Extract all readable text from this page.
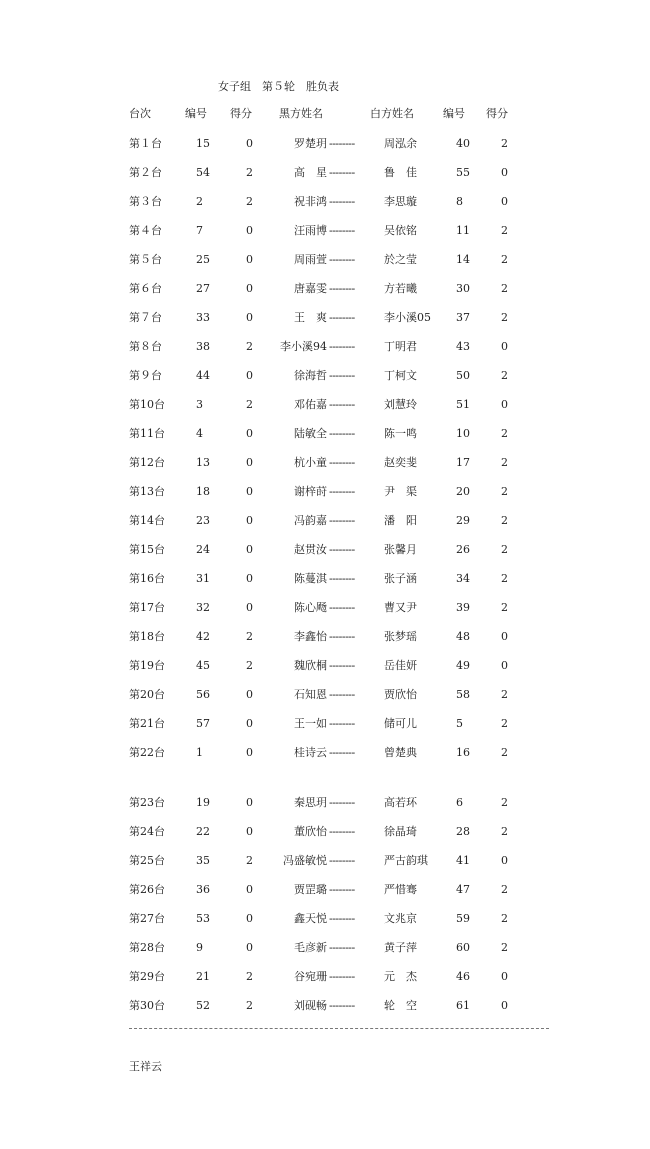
女子组　第５轮　胜负表
台次	编号 得分 黑方姓名	白方姓名	编号 得分
第１台	15	0	罗楚玥 --------	周泓余	40	2
第２台	54	2	高　星 --------	鲁　佳	55	0
第３台	2	2	祝非鸿 --------	李思璇	8	0
第４台	7	0	汪雨博 --------	吴依铭	11	2
第５台	25	0	周雨萱 --------	於之莹	14	2
第６台	27	0	唐嘉雯 --------	方若曦	30	2
第７台	33	0	王　爽 --------	李小溪05 37	2
第８台	38	2 李小溪94 --------	丁明君	43	0
第９台	44	0	徐海哲 --------	丁柯文	50	2
第10台	3	2	邓佑嘉 --------	刘慧玲	51	0
第11台	4	0	陆敏全 --------	陈一鸣	10	2
第12台	13	0	杭小童 --------	赵奕斐	17	2
第13台	18	0	谢梓莳 --------	尹　渠	20	2
第14台	23	0	冯韵嘉 --------	潘　阳	29	2
第15台	24	0	赵贯汝 --------	张馨月	26	2
第16台	31	0	陈蔓淇 --------	张子涵	34	2
第17台	32	0	陈心飏 --------	曹又尹	39	2
第18台	42	2	李鑫怡 --------	张梦瑶	48	0
第19台	45	2	魏欣桐 --------	岳佳妍	49	0
第20台	56	0	石知恩 --------	贾欣怡	58	2
第21台	57	0	王一如 --------	储可儿	5	2
第22台	1	0	桂诗云 --------	曾楚典	16	2
第23台	19	0	秦思玥 --------	高若环	6	2
第24台	22	0	董欣怡 --------	徐晶琦	28	2
第25台	35	2	冯盛敏悦 --------	严古韵琪	41	0
第26台	36	0	贾罡璐 --------	严惜骞	47	2
第27台	53	0	鑫天悦 --------	文兆京	59	2
第28台	9	0	毛彦新 --------	黄子萍	60	2
第29台	21	2	谷宛珊 --------	元　杰	46	0
第30台	52	2	刘砚畅 --------	轮　空	61	0
王祥云
